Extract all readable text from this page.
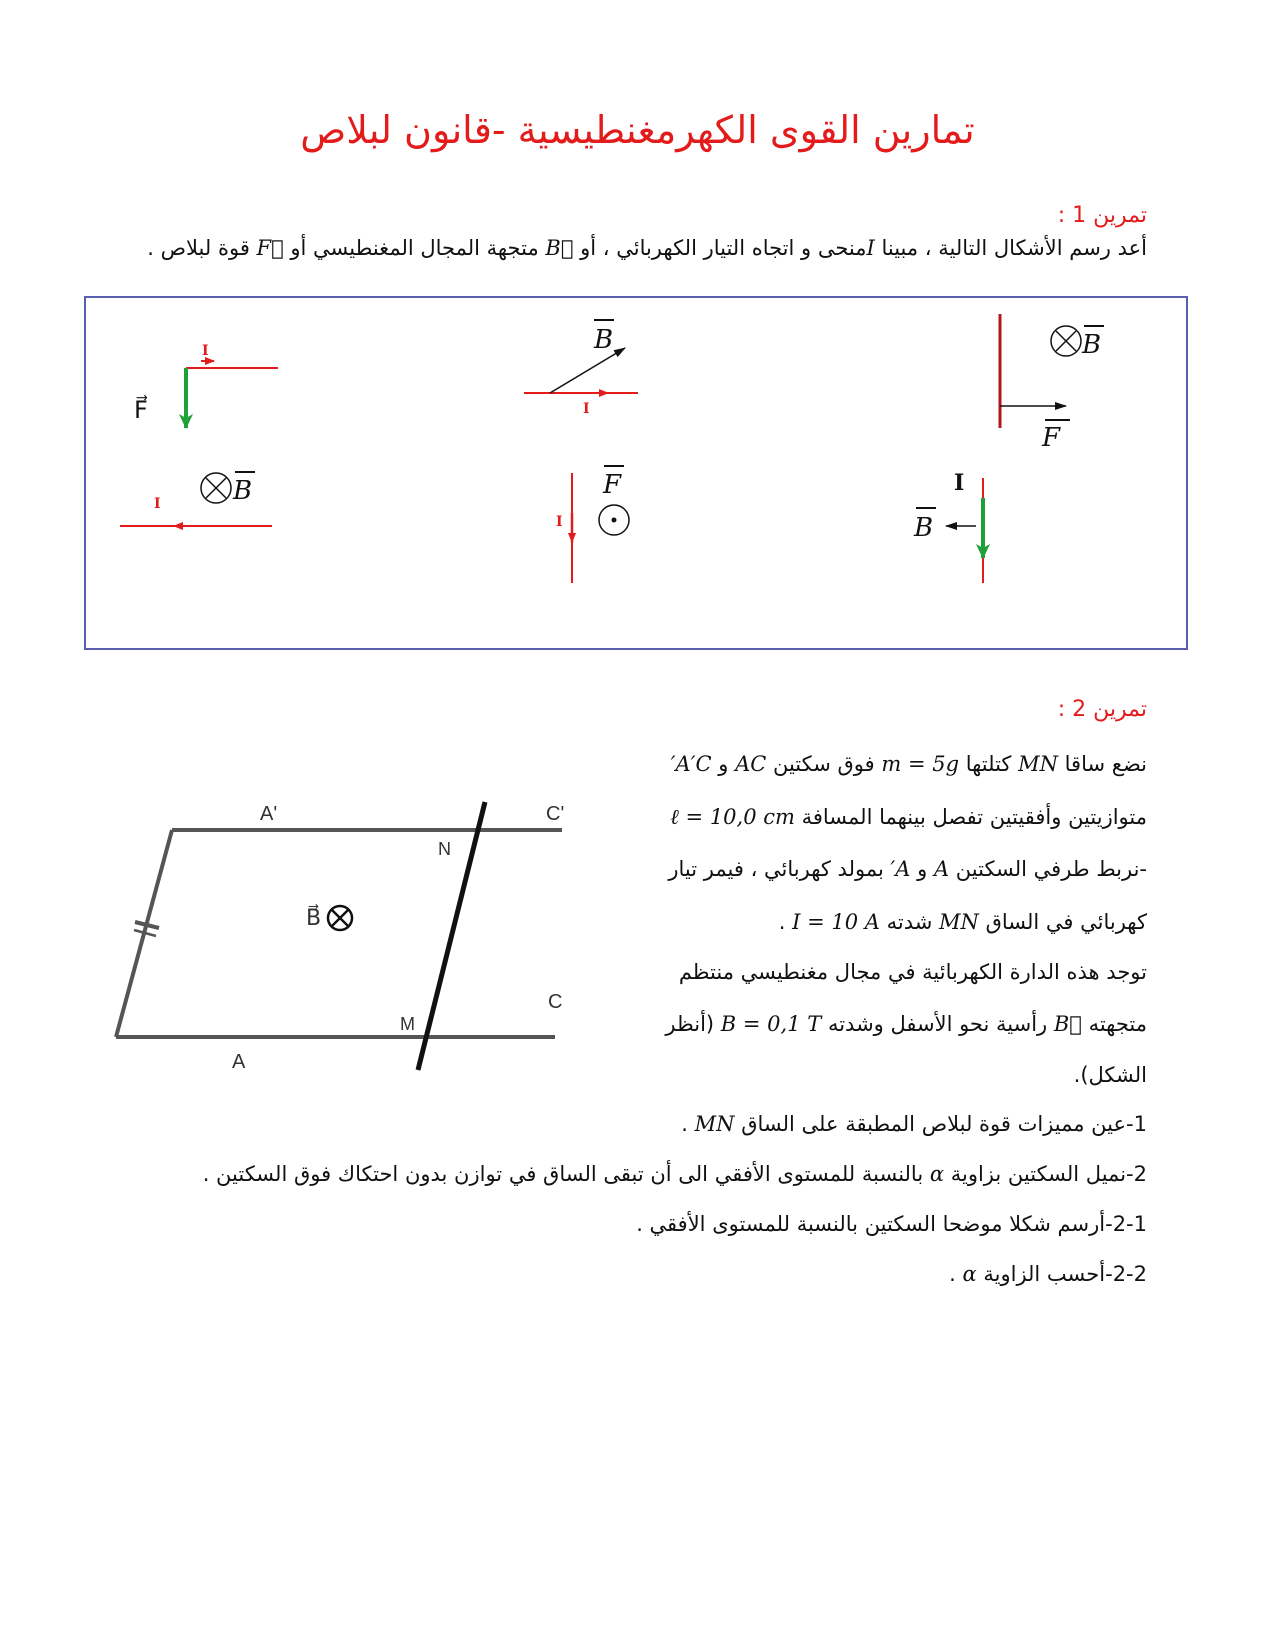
تمارين القوى الكهرمغنطيسية -قانون لبلاص
تمرين 1 :
أعد رسم الأشكال التالية ، مبينا Iمنحى و اتجاه التيار الكهربائي ، أو B⃗ متجهة المجال المغنطيسي أو F⃗ قوة لبلاص .
I
F⃗	I
B
F
B
I	B
I
F	I
B
تمرين 2 :
نضع ساقا MN كتلتها m = 5g فوق سكتين AC و A′C′
متوازيتين وأفقيتين تفصل بينهما المسافة ℓ = 10,0 cm
-نربط طرفي السكتين A و A′ بمولد كهربائي ، فيمر تيار
كهربائي في الساق MN شدته I = 10 A .
توجد هذه الدارة الكهربائية في مجال مغنطيسي منتظم
متجهته B⃗ رأسية نحو الأسفل وشدته B = 0,1 T (أنظر
الشكل).
1-عين مميزات قوة لبلاص المطبقة على الساق MN .
2-نميل السكتين بزاوية α بالنسبة للمستوى الأفقي الى أن تبقى الساق في توازن بدون احتكاك فوق السكتين .
2-1-أرسم شكلا موضحا السكتين بالنسبة للمستوى الأفقي .
2-2-أحسب الزاوية α .
A'	C'
N
M
C
A
B⃗
